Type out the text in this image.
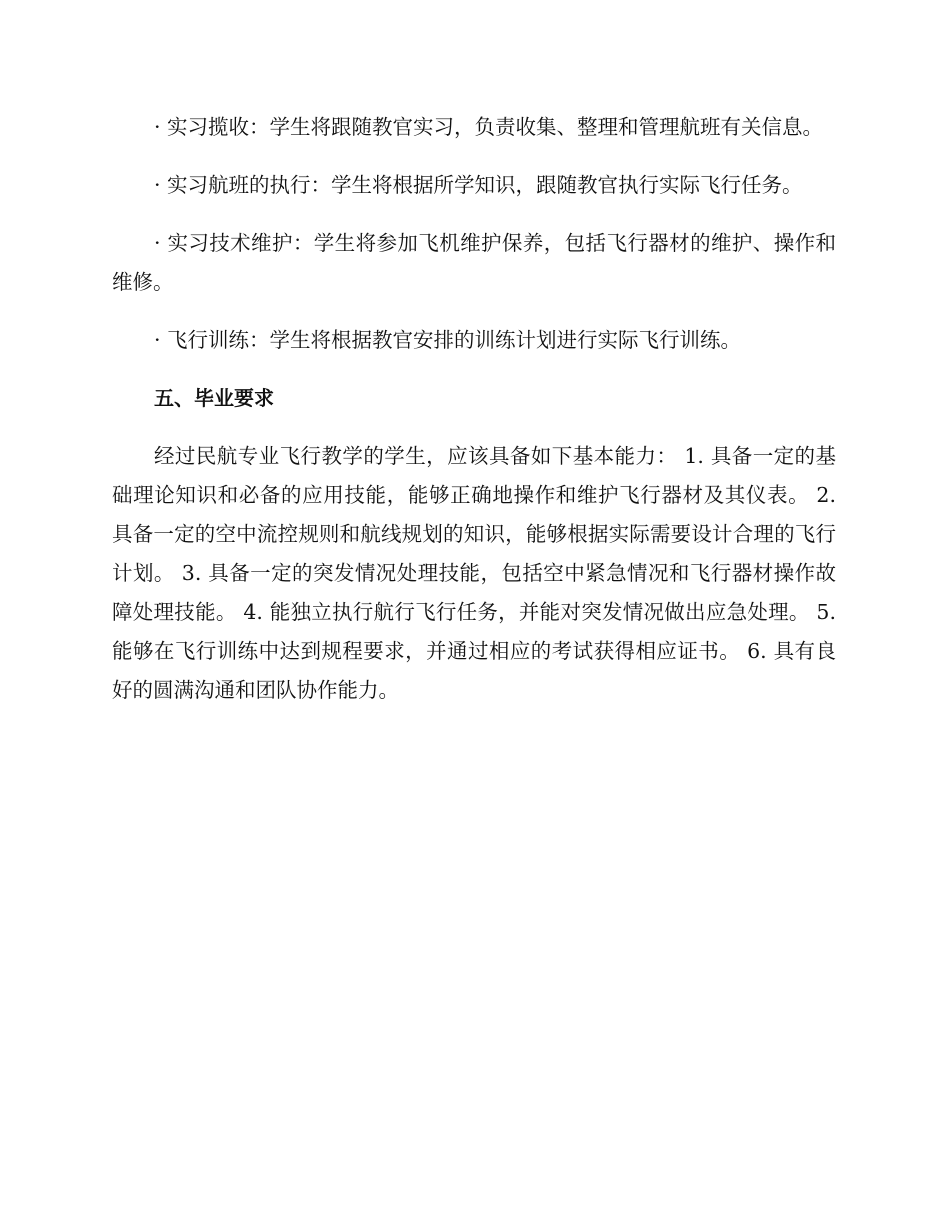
· 实习揽收：学生将跟随教官实习，负责收集、整理和管理航班有关信息。

· 实习航班的执行：学生将根据所学知识，跟随教官执行实际飞行任务。

· 实习技术维护：学生将参加飞机维护保养，包括飞行器材的维护、操作和维修。

· 飞行训练：学生将根据教官安排的训练计划进行实际飞行训练。

五、毕业要求

经过民航专业飞行教学的学生，应该具备如下基本能力： 1. 具备一定的基础理论知识和必备的应用技能，能够正确地操作和维护飞行器材及其仪表。 2. 具备一定的空中流控规则和航线规划的知识，能够根据实际需要设计合理的飞行计划。 3. 具备一定的突发情况处理技能，包括空中紧急情况和飞行器材操作故障处理技能。 4. 能独立执行航行飞行任务，并能对突发情况做出应急处理。 5. 能够在飞行训练中达到规程要求，并通过相应的考试获得相应证书。 6. 具有良好的圆满沟通和团队协作能力。
